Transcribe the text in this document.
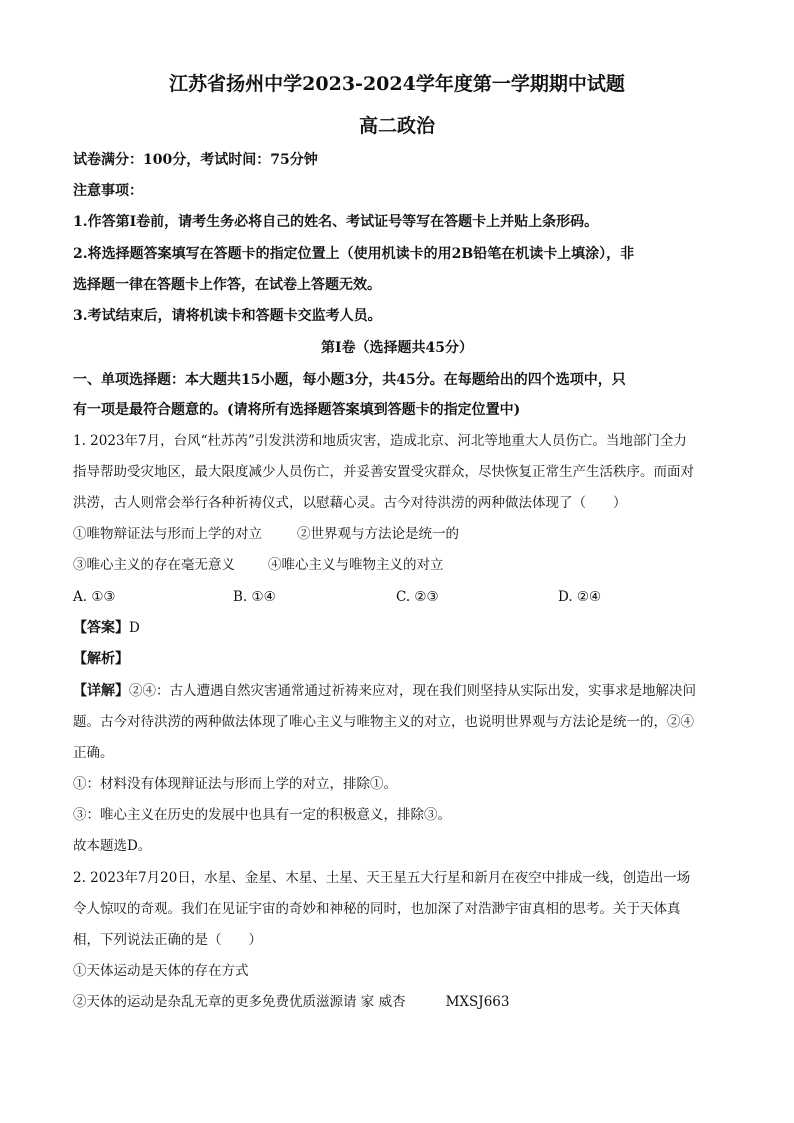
江苏省扬州中学2023-2024学年度第一学期期中试题
高二政治
试卷满分：100分，考试时间：75分钟
注意事项：
1.作答第Ⅰ卷前，请考生务必将自己的姓名、考试证号等写在答题卡上并贴上条形码。
2.将选择题答案填写在答题卡的指定位置上（使用机读卡的用2B铅笔在机读卡上填涂），非
选择题一律在答题卡上作答，在试卷上答题无效。
3.考试结束后，请将机读卡和答题卡交监考人员。
第Ⅰ卷（选择题共45分）
一、单项选择题：本大题共15小题，每小题3分，共45分。在每题给出的四个选项中，只
有一项是最符合题意的。(请将所有选择题答案填到答题卡的指定位置中)
1. 2023年7月，台风“杜苏芮”引发洪涝和地质灾害，造成北京、河北等地重大人员伤亡。当地部门全力
指导帮助受灾地区，最大限度减少人员伤亡，并妥善安置受灾群众，尽快恢复正常生产生活秩序。而面对
洪涝，古人则常会举行各种祈祷仪式，以慰藉心灵。古今对待洪涝的两种做法体现了（　　）
①唯物辩证法与形而上学的对立	②世界观与方法论是统一的
③唯心主义的存在毫无意义 ④唯心主义与唯物主义的对立
A. ①③	B. ①④	C. ②③	D. ②④
【答案】D
【解析】
【详解】②④：古人遭遇自然灾害通常通过祈祷来应对，现在我们则坚持从实际出发，实事求是地解决问
题。古今对待洪涝的两种做法体现了唯心主义与唯物主义的对立，也说明世界观与方法论是统一的，②④
正确。
①：材料没有体现辩证法与形而上学的对立，排除①。
③：唯心主义在历史的发展中也具有一定的积极意义，排除③。
故本题选D。
2. 2023年7月20日，水星、金星、木星、土星、天王星五大行星和新月在夜空中排成一线，创造出一场
令人惊叹的奇观。我们在见证宇宙的奇妙和神秘的同时，也加深了对浩渺宇宙真相的思考。关于天体真
相，下列说法正确的是（　　）
①天体运动是天体的存在方式
②天体的运动是杂乱无章的更多免费优质滋源请 家 威杏	MXSJ663
